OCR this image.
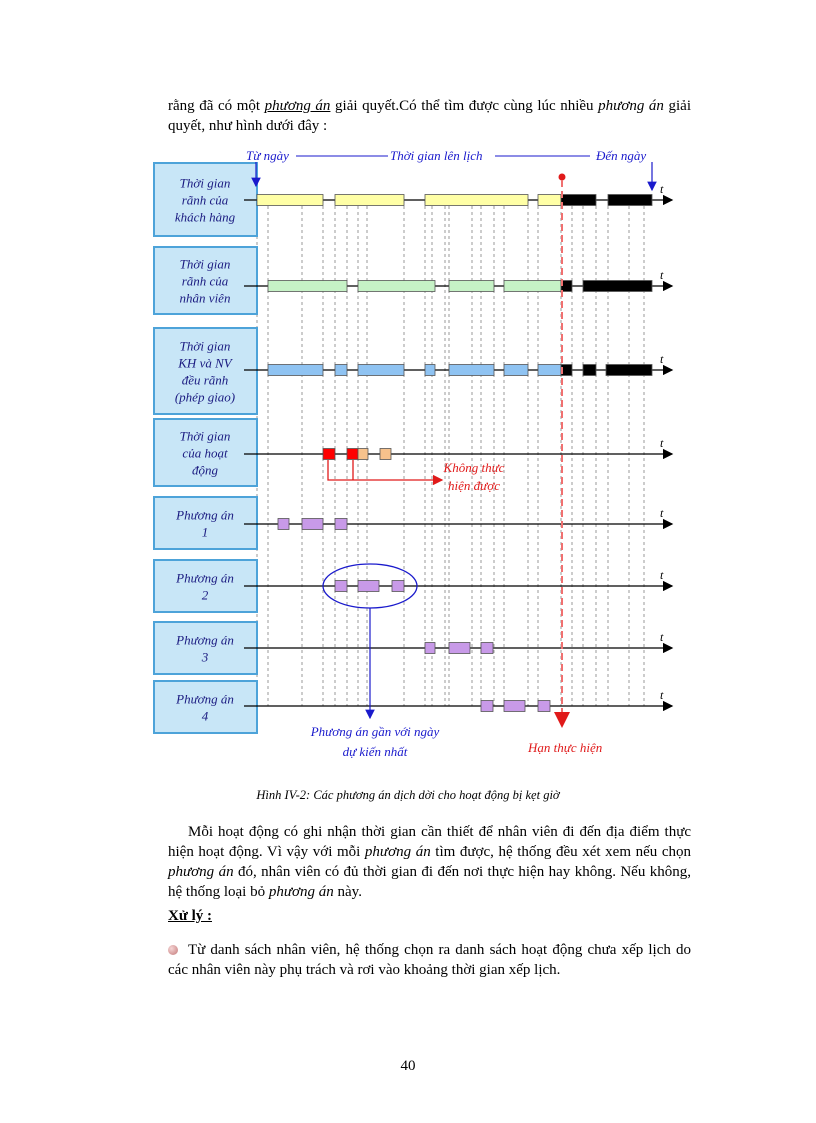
rằng đã có một phương án giải quyết.Có thể tìm được cùng lúc nhiều phương án giải quyết, như hình dưới đây :
Thời gian
rãnh của
khách hàng
Thời gian
rãnh của
nhân viên
Thời gian
KH và NV
đều rãnh
(phép giao)
Thời gian
của hoạt
động
Phương án
1
Phương án
2
Phương án
3
Phương án
4
t
t
t
t
t
t
t
t
Từ ngày	Thời gian lên lịch	Đến ngày
Hạn thực hiện
Không thực
hiện được
Phương án gần với ngày
dự kiến nhất
Hình IV-2: Các phương án dịch dời cho hoạt động bị kẹt giờ
Mỗi hoạt động có ghi nhận thời gian cần thiết để nhân viên đi đến địa điểm thực hiện hoạt động. Vì vậy với mỗi phương án tìm được, hệ thống đều xét xem nếu chọn phương án đó, nhân viên có đủ thời gian đi đến nơi thực hiện hay không. Nếu không, hệ thống loại bỏ phương án này.
Xử lý :
Từ danh sách nhân viên, hệ thống chọn ra danh sách hoạt động chưa xếp lịch do các nhân viên này phụ trách và rơi vào khoảng thời gian xếp lịch.
40
